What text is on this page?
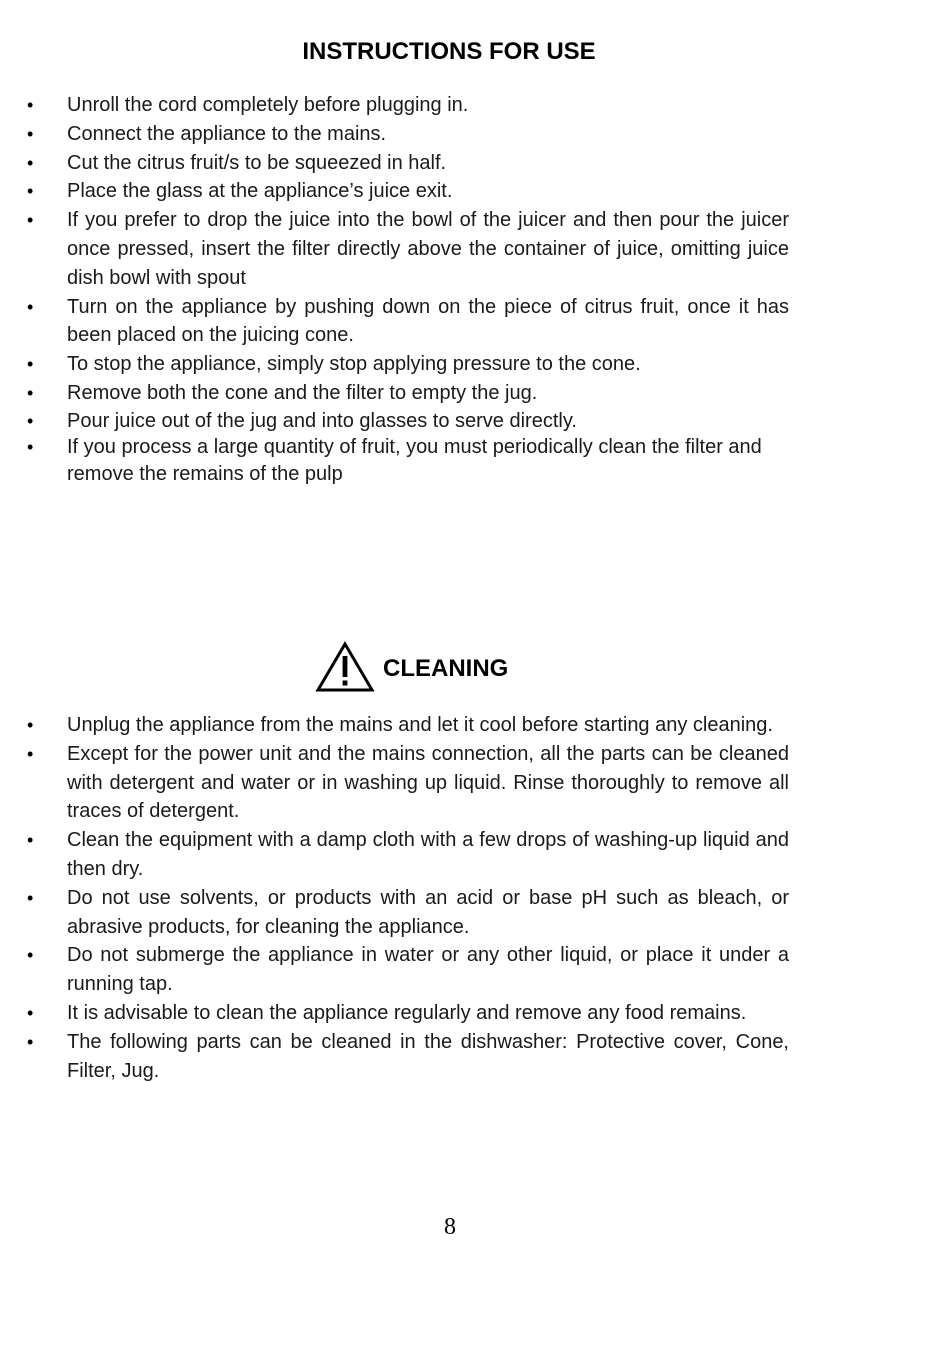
INSTRUCTIONS FOR USE
• Unroll the cord completely before plugging in.
• Connect the appliance to the mains.
• Cut the citrus fruit/s to be squeezed in half.
• Place the glass at the appliance’s juice exit.
• If you prefer to drop the juice into the bowl of the juicer and then pour the juicer once pressed, insert the filter directly above the container of juice, omitting juice dish bowl with spout
• Turn on the appliance by pushing down on the piece of citrus fruit, once it has been placed on the juicing cone.
• To stop the appliance, simply stop applying pressure to the cone.
• Remove both the cone and the filter to empty the jug.
• Pour juice out of the jug and into glasses to serve directly.
• If you process a large quantity of fruit, you must periodically clean the filter and remove the remains of the pulp
CLEANING
• Unplug the appliance from the mains and let it cool before starting any cleaning.
• Except for the power unit and the mains connection, all the parts can be cleaned with detergent and water or in washing up liquid. Rinse thoroughly to remove all traces of detergent.
• Clean the equipment with a damp cloth with a few drops of washing-up liquid and then dry.
• Do not use solvents, or products with an acid or base pH such as bleach, or abrasive products, for cleaning the appliance.
• Do not submerge the appliance in water or any other liquid, or place it under a running tap.
• It is advisable to clean the appliance regularly and remove any food remains.
• The following parts can be cleaned in the dishwasher: Protective cover, Cone, Filter, Jug.
8
